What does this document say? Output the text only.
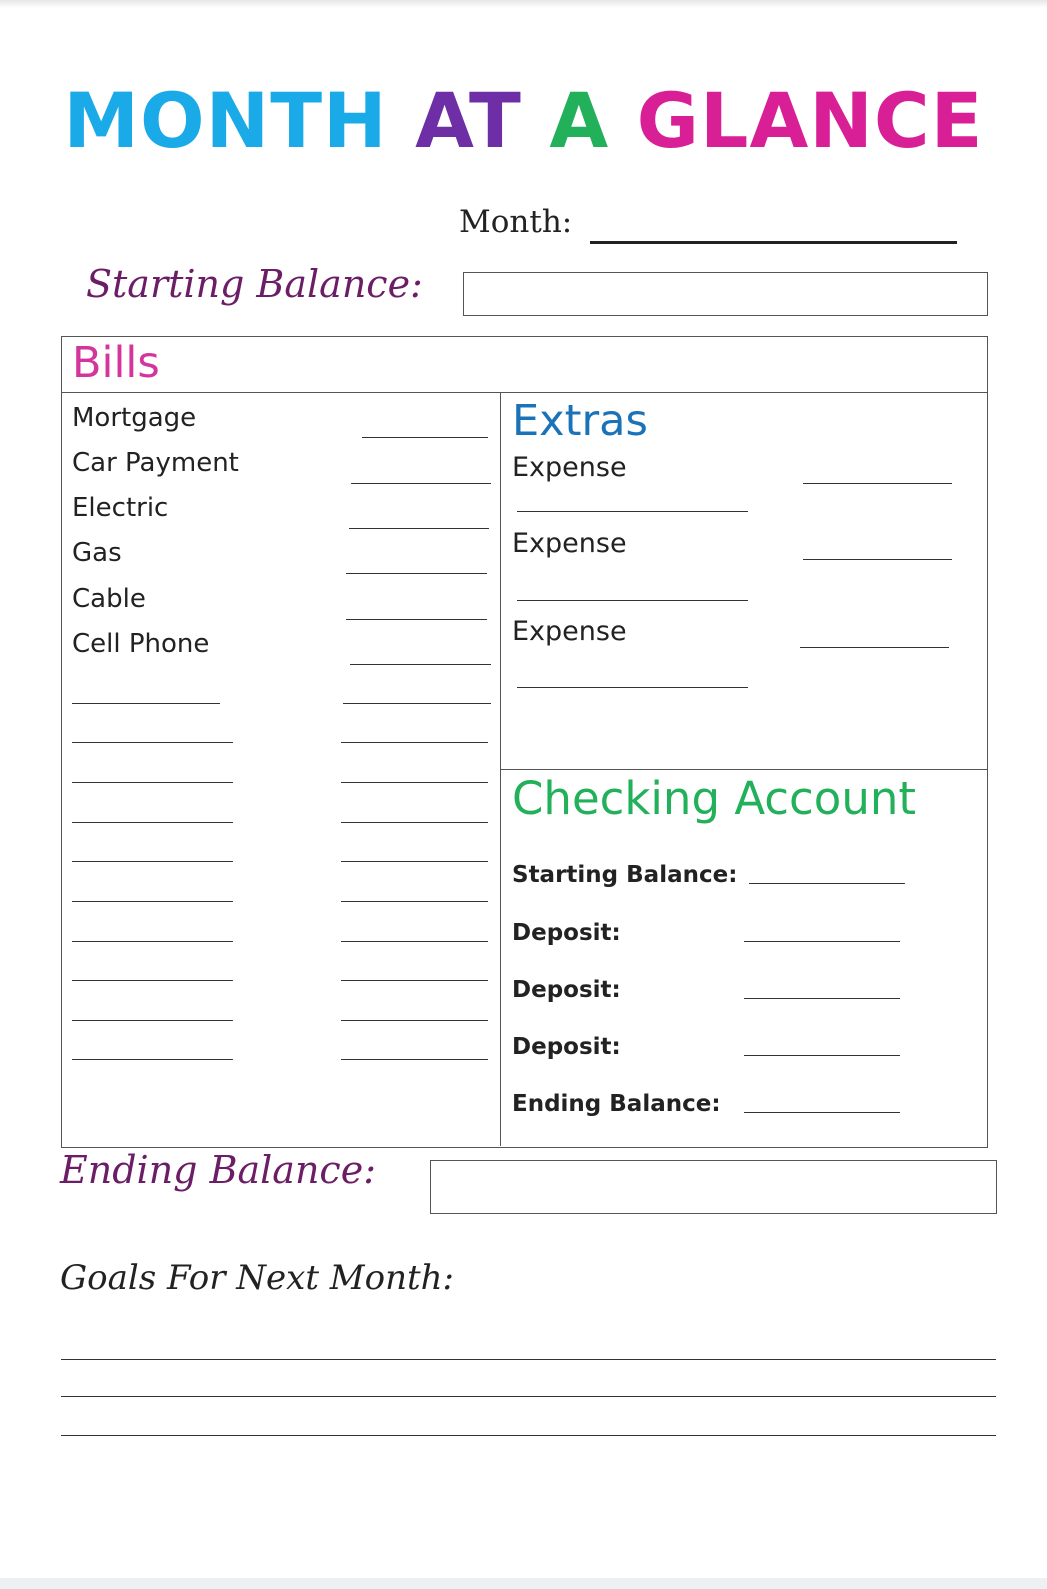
MONTH AT A GLANCE
Month:
Starting Balance:
Bills
Mortgage
Car Payment
Electric
Gas
Cable
Cell Phone
Extras
Expense
Expense
Expense
Checking Account
Starting Balance:
Deposit:
Deposit:
Deposit:
Ending Balance:
Ending Balance:
Goals For Next Month:
